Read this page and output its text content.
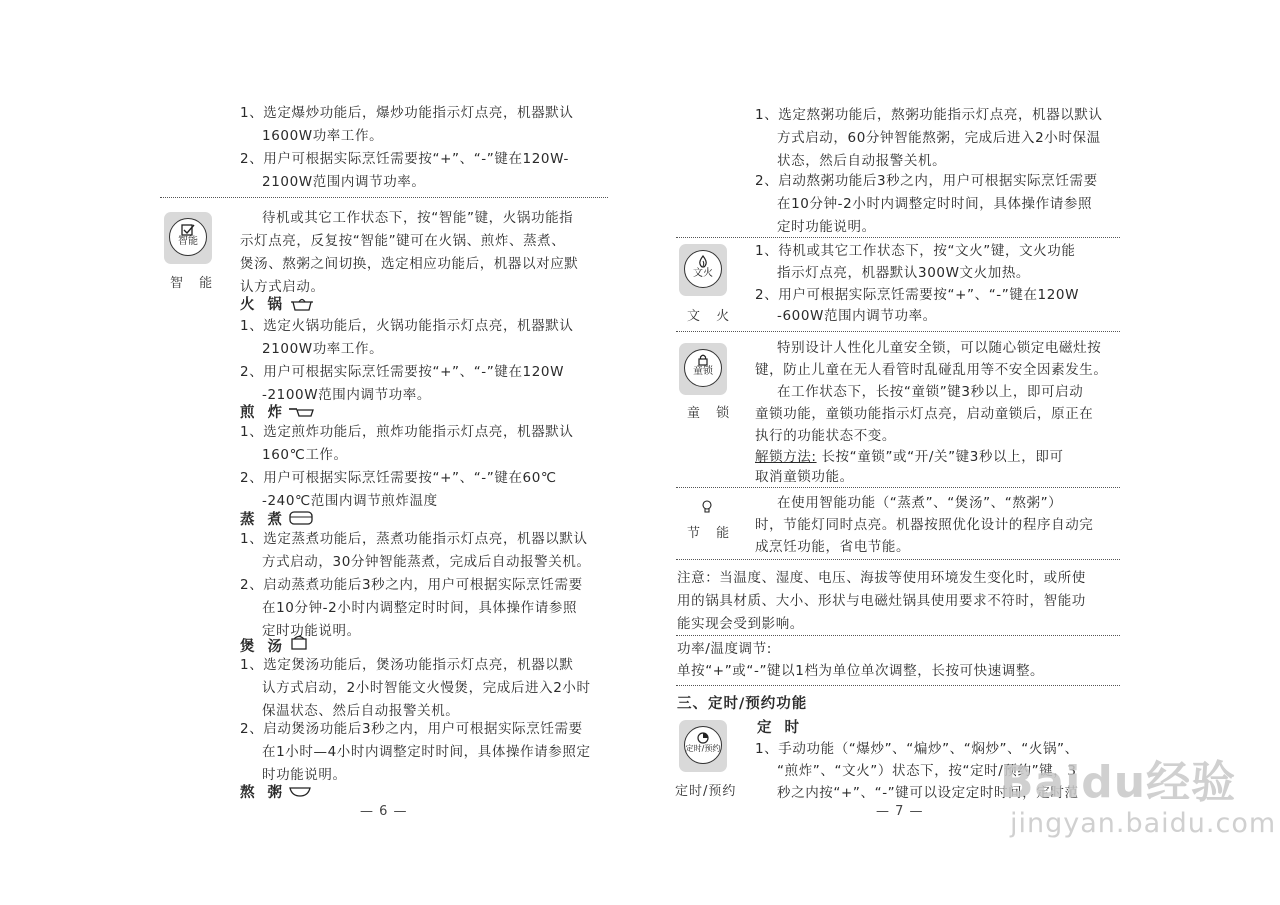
1、选定爆炒功能后，爆炒功能指示灯点亮，机器默认
1600W功率工作。
2、用户可根据实际烹饪需要按“+”、“-”键在120W-
2100W范围内调节功率。
智能
智 能
待机或其它工作状态下，按“智能”键，火锅功能指
示灯点亮，反复按“智能”键可在火锅、煎炸、蒸煮、
煲汤、熬粥之间切换，选定相应功能后，机器以对应默
认方式启动。
火 锅
1、选定火锅功能后，火锅功能指示灯点亮，机器默认
2100W功率工作。
2、用户可根据实际烹饪需要按“+”、“-”键在120W
-2100W范围内调节功率。
煎 炸
1、选定煎炸功能后，煎炸功能指示灯点亮，机器默认
160℃工作。
2、用户可根据实际烹饪需要按“+”、“-”键在60℃
-240℃范围内调节煎炸温度
蒸 煮
1、选定蒸煮功能后，蒸煮功能指示灯点亮，机器以默认
方式启动，30分钟智能蒸煮，完成后自动报警关机。
2、启动蒸煮功能后3秒之内，用户可根据实际烹饪需要
在10分钟-2小时内调整定时时间，具体操作请参照
定时功能说明。
煲 汤
1、选定煲汤功能后，煲汤功能指示灯点亮，机器以默
认方式启动，2小时智能文火慢煲，完成后进入2小时
保温状态、然后自动报警关机。
2、启动煲汤功能后3秒之内，用户可根据实际烹饪需要
在1小时—4小时内调整定时时间，具体操作请参照定
时功能说明。
熬 粥
— 6 —
1、选定熬粥功能后，熬粥功能指示灯点亮，机器以默认
方式启动，60分钟智能熬粥，完成后进入2小时保温
状态，然后自动报警关机。
2、启动熬粥功能后3秒之内，用户可根据实际烹饪需要
在10分钟-2小时内调整定时时间，具体操作请参照
定时功能说明。
文火
文 火
1、待机或其它工作状态下，按“文火”键，文火功能
指示灯点亮，机器默认300W文火加热。
2、用户可根据实际烹饪需要按“+”、“-”键在120W
-600W范围内调节功率。
童锁
童 锁
特别设计人性化儿童安全锁，可以随心锁定电磁灶按
键，防止儿童在无人看管时乱碰乱用等不安全因素发生。
在工作状态下，长按“童锁”键3秒以上，即可启动
童锁功能，童锁功能指示灯点亮，启动童锁后，原正在
执行的功能状态不变。
解锁方法: 长按“童锁”或“开/关”键3秒以上，即可
取消童锁功能。
节 能
在使用智能功能（“蒸煮”、“煲汤”、“熬粥”）
时，节能灯同时点亮。机器按照优化设计的程序自动完
成烹饪功能，省电节能。
注意：当温度、湿度、电压、海拔等使用环境发生变化时，或所使
用的锅具材质、大小、形状与电磁灶锅具使用要求不符时，智能功
能实现会受到影响。
功率/温度调节:
单按“+”或“-”键以1档为单位单次调整，长按可快速调整。
三、定时/预约功能
定时/预约
定时/预约
定 时
1、手动功能（“爆炒”、“煸炒”、“焖炒”、“火锅”、
“煎炸”、“文火”）状态下，按“定时/预约”键，3
秒之内按“+”、“-”键可以设定定时时间，定时范
— 7 —
Baidu经验
jingyan.baidu.com
